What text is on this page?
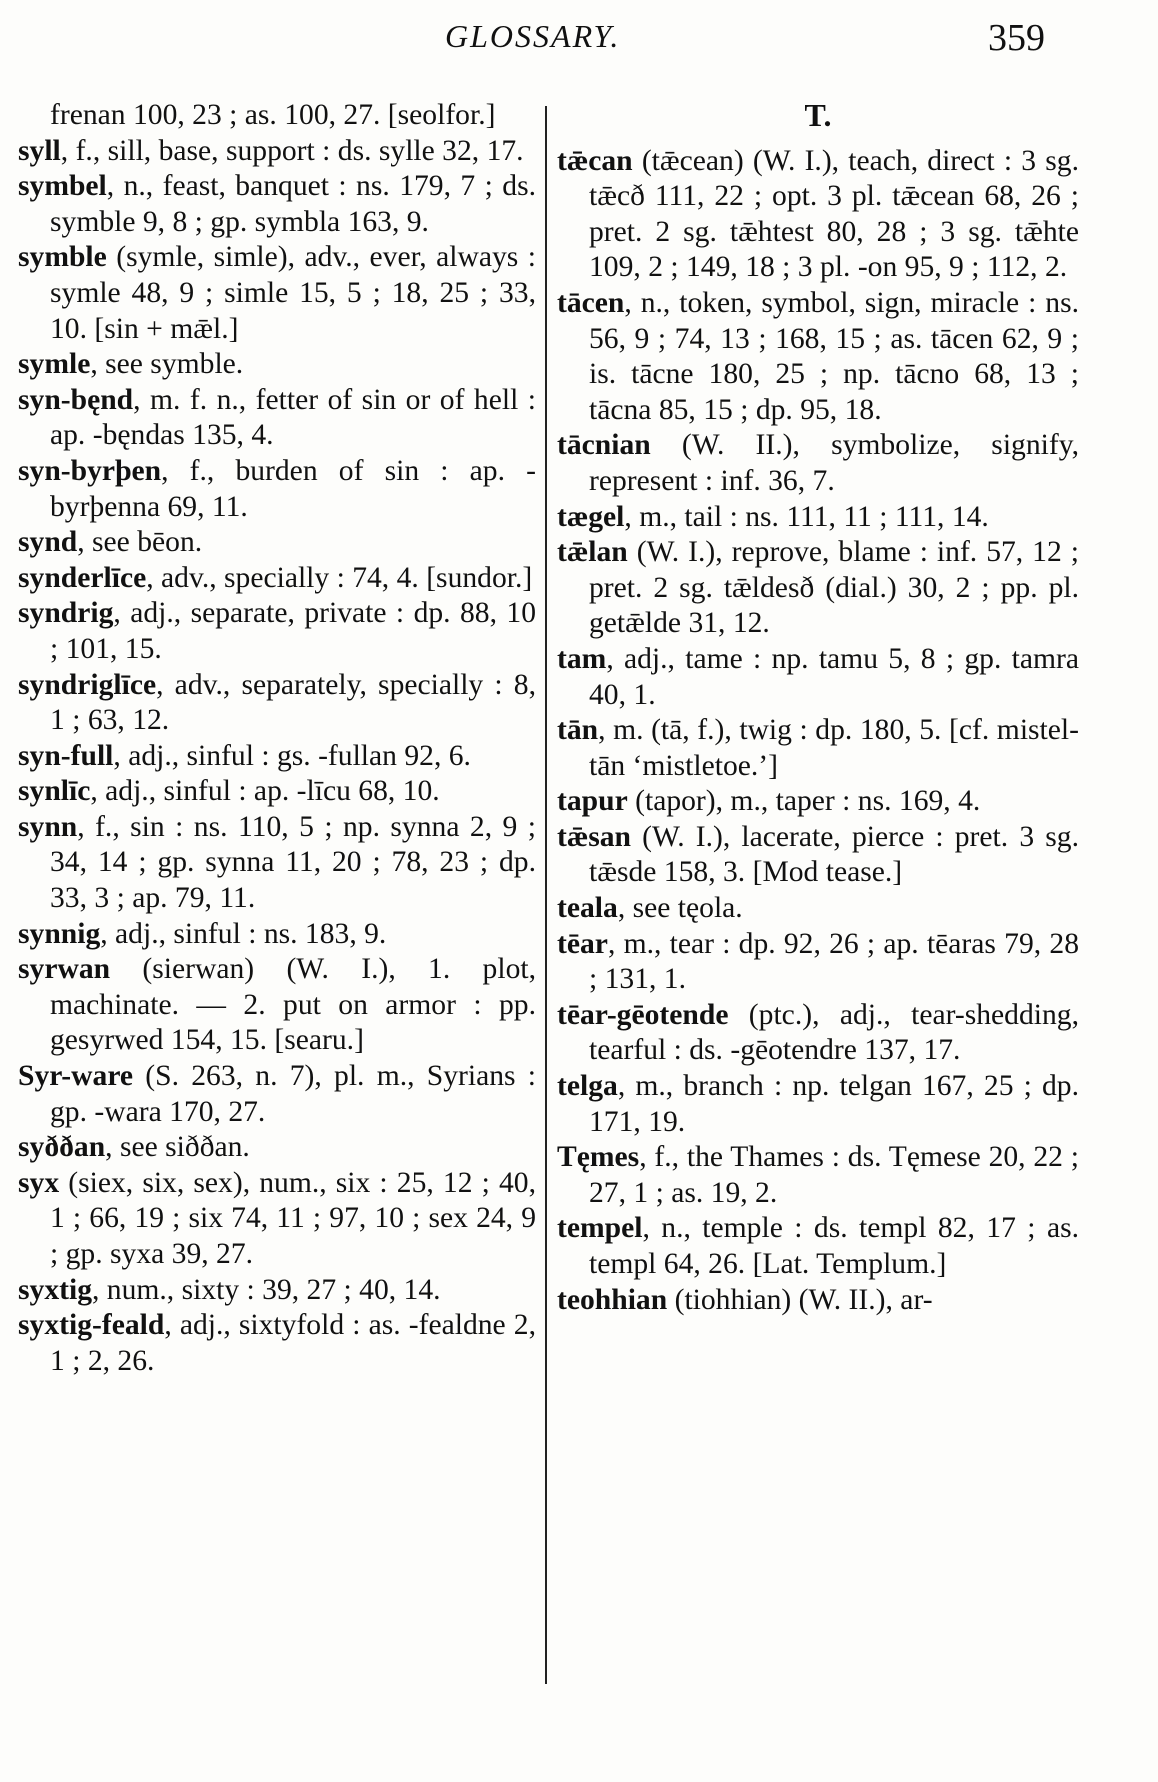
GLOSSARY.	359
frenan 100, 23 ; as. 100, 27. [seolfor.]
syll, f., sill, base, support : ds. sylle 32, 17.
symbel, n., feast, banquet : ns. 179, 7 ; ds. symble 9, 8 ; gp. symbla 163, 9.
symble (symle, simle), adv., ever, always : symle 48, 9 ; simle 15, 5 ; 18, 25 ; 33, 10. [sin + mǣl.]
symle, see symble.
syn-bęnd, m. f. n., fetter of sin or of hell : ap. -bęndas 135, 4.
syn-byrþen, f., burden of sin : ap. -byrþenna 69, 11.
synd, see bēon.
synderlīce, adv., specially : 74, 4. [sundor.]
syndrig, adj., separate, private : dp. 88, 10 ; 101, 15.
syndriglīce, adv., separately, specially : 8, 1 ; 63, 12.
syn-full, adj., sinful : gs. -fullan 92, 6.
synlīc, adj., sinful : ap. -līcu 68, 10.
synn, f., sin : ns. 110, 5 ; np. synna 2, 9 ; 34, 14 ; gp. synna 11, 20 ; 78, 23 ; dp. 33, 3 ; ap. 79, 11.
synnig, adj., sinful : ns. 183, 9.
syrwan (sierwan) (W. I.), 1. plot, machinate. — 2. put on armor : pp. gesyrwed 154, 15. [searu.]
Syr-ware (S. 263, n. 7), pl. m., Syrians : gp. -wara 170, 27.
syððan, see siððan.
syx (siex, six, sex), num., six : 25, 12 ; 40, 1 ; 66, 19 ; six 74, 11 ; 97, 10 ; sex 24, 9 ; gp. syxa 39, 27.
syxtig, num., sixty : 39, 27 ; 40, 14.
syxtig-feald, adj., sixtyfold : as. -fealdne 2, 1 ; 2, 26.
T.
tǣcan (tǣcean) (W. I.), teach, direct : 3 sg. tǣcð 111, 22 ; opt. 3 pl. tǣcean 68, 26 ; pret. 2 sg. tǣhtest 80, 28 ; 3 sg. tǣhte 109, 2 ; 149, 18 ; 3 pl. -on 95, 9 ; 112, 2.
tācen, n., token, symbol, sign, miracle : ns. 56, 9 ; 74, 13 ; 168, 15 ; as. tācen 62, 9 ; is. tācne 180, 25 ; np. tācno 68, 13 ; tācna 85, 15 ; dp. 95, 18.
tācnian (W. II.), symbolize, signify, represent : inf. 36, 7.
tægel, m., tail : ns. 111, 11 ; 111, 14.
tǣlan (W. I.), reprove, blame : inf. 57, 12 ; pret. 2 sg. tǣldesð (dial.) 30, 2 ; pp. pl. getǣlde 31, 12.
tam, adj., tame : np. tamu 5, 8 ; gp. tamra 40, 1.
tān, m. (tā, f.), twig : dp. 180, 5. [cf. mistel-tān ‘mistletoe.’]
tapur (tapor), m., taper : ns. 169, 4.
tǣsan (W. I.), lacerate, pierce : pret. 3 sg. tǣsde 158, 3. [Mod tease.]
teala, see tęola.
tēar, m., tear : dp. 92, 26 ; ap. tēaras 79, 28 ; 131, 1.
tēar-gēotende (ptc.), adj., tear-shedding, tearful : ds. -gēotendre 137, 17.
telga, m., branch : np. telgan 167, 25 ; dp. 171, 19.
Tęmes, f., the Thames : ds. Tęmese 20, 22 ; 27, 1 ; as. 19, 2.
tempel, n., temple : ds. templ 82, 17 ; as. templ 64, 26. [Lat. Templum.]
teohhian (tiohhian) (W. II.), ar-
